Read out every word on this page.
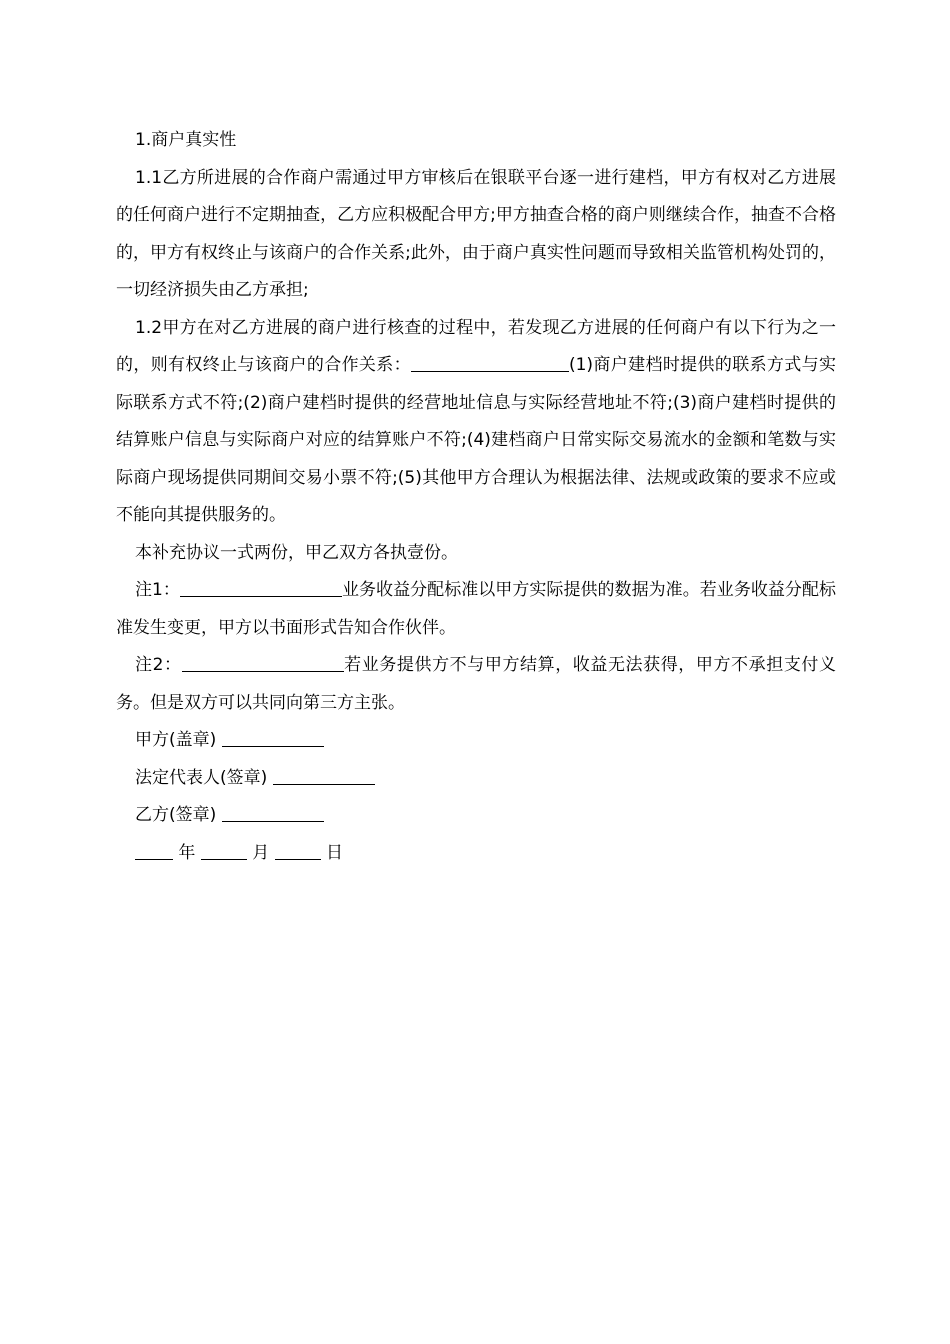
1.商户真实性

1.1乙方所进展的合作商户需通过甲方审核后在银联平台逐一进行建档，甲方有权对乙方进展的任何商户进行不定期抽查，乙方应积极配合甲方;甲方抽查合格的商户则继续合作，抽查不合格的，甲方有权终止与该商户的合作关系;此外，由于商户真实性问题而导致相关监管机构处罚的，一切经济损失由乙方承担;

1.2甲方在对乙方进展的商户进行核查的过程中，若发现乙方进展的任何商户有以下行为之一的，则有权终止与该商户的合作关系：	(1)商户建档时提供的联系方式与实际联系方式不符;(2)商户建档时提供的经营地址信息与实际经营地址不符;(3)商户建档时提供的结算账户信息与实际商户对应的结算账户不符;(4)建档商户日常实际交易流水的金额和笔数与实际商户现场提供同期间交易小票不符;(5)其他甲方合理认为根据法律、法规或政策的要求不应或不能向其提供服务的。

本补充协议一式两份，甲乙双方各执壹份。

注1：	业务收益分配标准以甲方实际提供的数据为准。若业务收益分配标准发生变更，甲方以书面形式告知合作伙伴。

注2：	若业务提供方不与甲方结算，收益无法获得，甲方不承担支付义务。但是双方可以共同向第三方主张。

甲方(盖章)

法定代表人(签章)

乙方(签章)

年	月	日
